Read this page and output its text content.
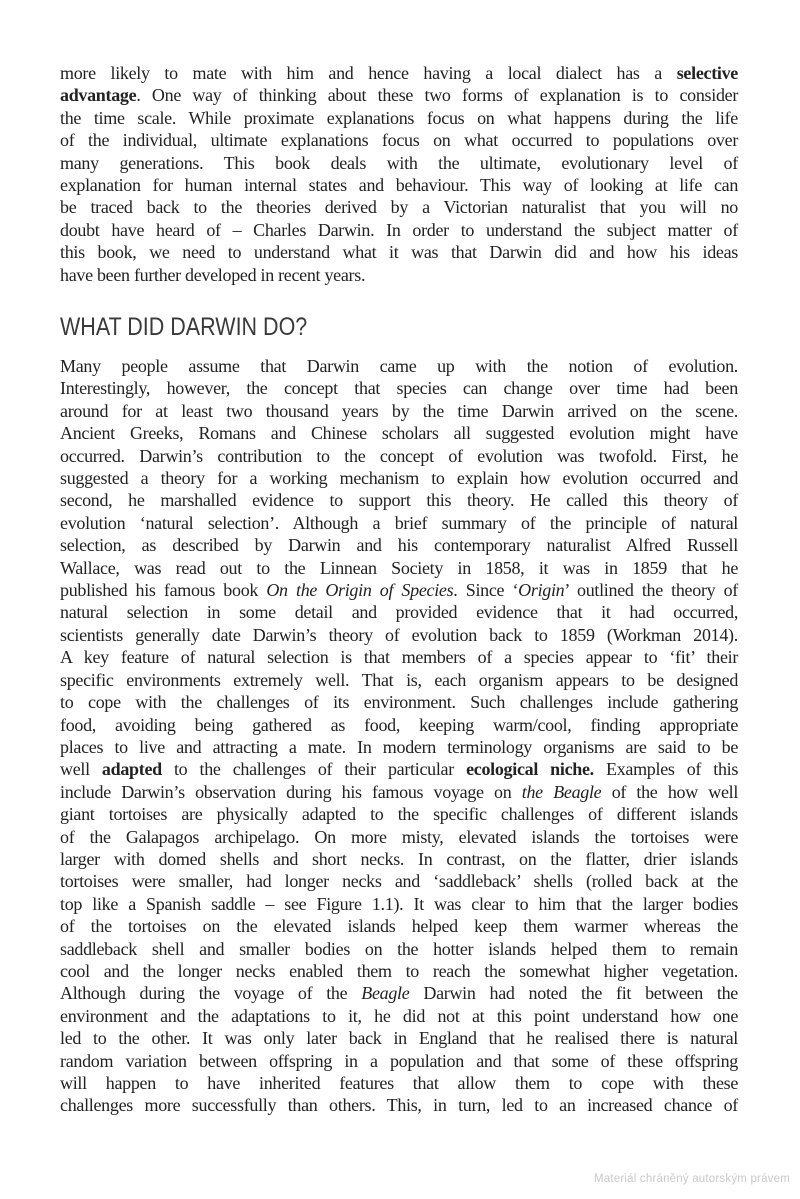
more likely to mate with him and hence having a local dialect has a selective
advantage. One way of thinking about these two forms of explanation is to consider
the time scale. While proximate explanations focus on what happens during the life
of the individual, ultimate explanations focus on what occurred to populations over
many generations. This book deals with the ultimate, evolutionary level of
explanation for human internal states and behaviour. This way of looking at life can
be traced back to the theories derived by a Victorian naturalist that you will no
doubt have heard of – Charles Darwin. In order to understand the subject matter of
this book, we need to understand what it was that Darwin did and how his ideas
have been further developed in recent years.
WHAT DID DARWIN DO?
Many people assume that Darwin came up with the notion of evolution.
Interestingly, however, the concept that species can change over time had been
around for at least two thousand years by the time Darwin arrived on the scene.
Ancient Greeks, Romans and Chinese scholars all suggested evolution might have
occurred. Darwin’s contribution to the concept of evolution was twofold. First, he
suggested a theory for a working mechanism to explain how evolution occurred and
second, he marshalled evidence to support this theory. He called this theory of
evolution ‘natural selection’. Although a brief summary of the principle of natural
selection, as described by Darwin and his contemporary naturalist Alfred Russell
Wallace, was read out to the Linnean Society in 1858, it was in 1859 that he
published his famous book On the Origin of Species. Since ‘Origin’ outlined the theory of
natural selection in some detail and provided evidence that it had occurred,
scientists generally date Darwin’s theory of evolution back to 1859 (Workman 2014).
A key feature of natural selection is that members of a species appear to ‘fit’ their
specific environments extremely well. That is, each organism appears to be designed
to cope with the challenges of its environment. Such challenges include gathering
food, avoiding being gathered as food, keeping warm/cool, finding appropriate
places to live and attracting a mate. In modern terminology organisms are said to be
well adapted to the challenges of their particular ecological niche. Examples of this
include Darwin’s observation during his famous voyage on the Beagle of the how well
giant tortoises are physically adapted to the specific challenges of different islands
of the Galapagos archipelago. On more misty, elevated islands the tortoises were
larger with domed shells and short necks. In contrast, on the flatter, drier islands
tortoises were smaller, had longer necks and ‘saddleback’ shells (rolled back at the
top like a Spanish saddle – see Figure 1.1). It was clear to him that the larger bodies
of the tortoises on the elevated islands helped keep them warmer whereas the
saddleback shell and smaller bodies on the hotter islands helped them to remain
cool and the longer necks enabled them to reach the somewhat higher vegetation.
Although during the voyage of the Beagle Darwin had noted the fit between the
environment and the adaptations to it, he did not at this point understand how one
led to the other. It was only later back in England that he realised there is natural
random variation between offspring in a population and that some of these offspring
will happen to have inherited features that allow them to cope with these
challenges more successfully than others. This, in turn, led to an increased chance of
Materiál chráněný autorským právem
